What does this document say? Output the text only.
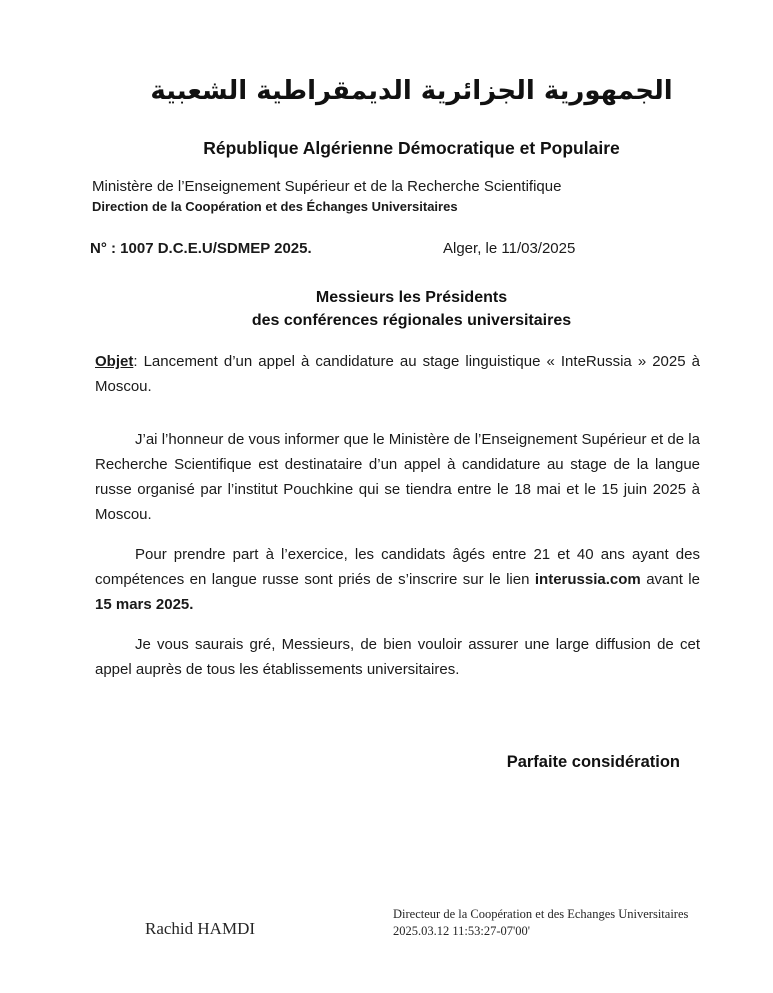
الجمهورية الجزائرية الديمقراطية الشعبية
République Algérienne Démocratique et Populaire
Ministère de l’Enseignement Supérieur et de la Recherche Scientifique
Direction de la Coopération et des Échanges Universitaires
N° : 1007 D.C.E.U/SDMEP 2025.	Alger, le 11/03/2025
Messieurs les Présidents
des conférences régionales universitaires

Objet: Lancement d’un appel à candidature au stage linguistique « InteRussia » 2025 à Moscou.

J’ai l’honneur de vous informer que le Ministère de l’Enseignement Supérieur et de la Recherche Scientifique est destinataire d’un appel à candidature au stage de la langue russe organisé par l’institut Pouchkine qui se tiendra entre le 18 mai et le 15 juin 2025 à Moscou.

Pour prendre part à l’exercice, les candidats âgés entre 21 et 40 ans ayant des compétences en langue russe sont priés de s’inscrire sur le lien interussia.com avant le 15 mars 2025.

Je vous saurais gré, Messieurs, de bien vouloir assurer une large diffusion de cet appel auprès de tous les établissements universitaires.

Parfaite considération
Rachid HAMDI
Directeur de la Coopération et des Echanges Universitaires
2025.03.12 11:53:27-07'00'
